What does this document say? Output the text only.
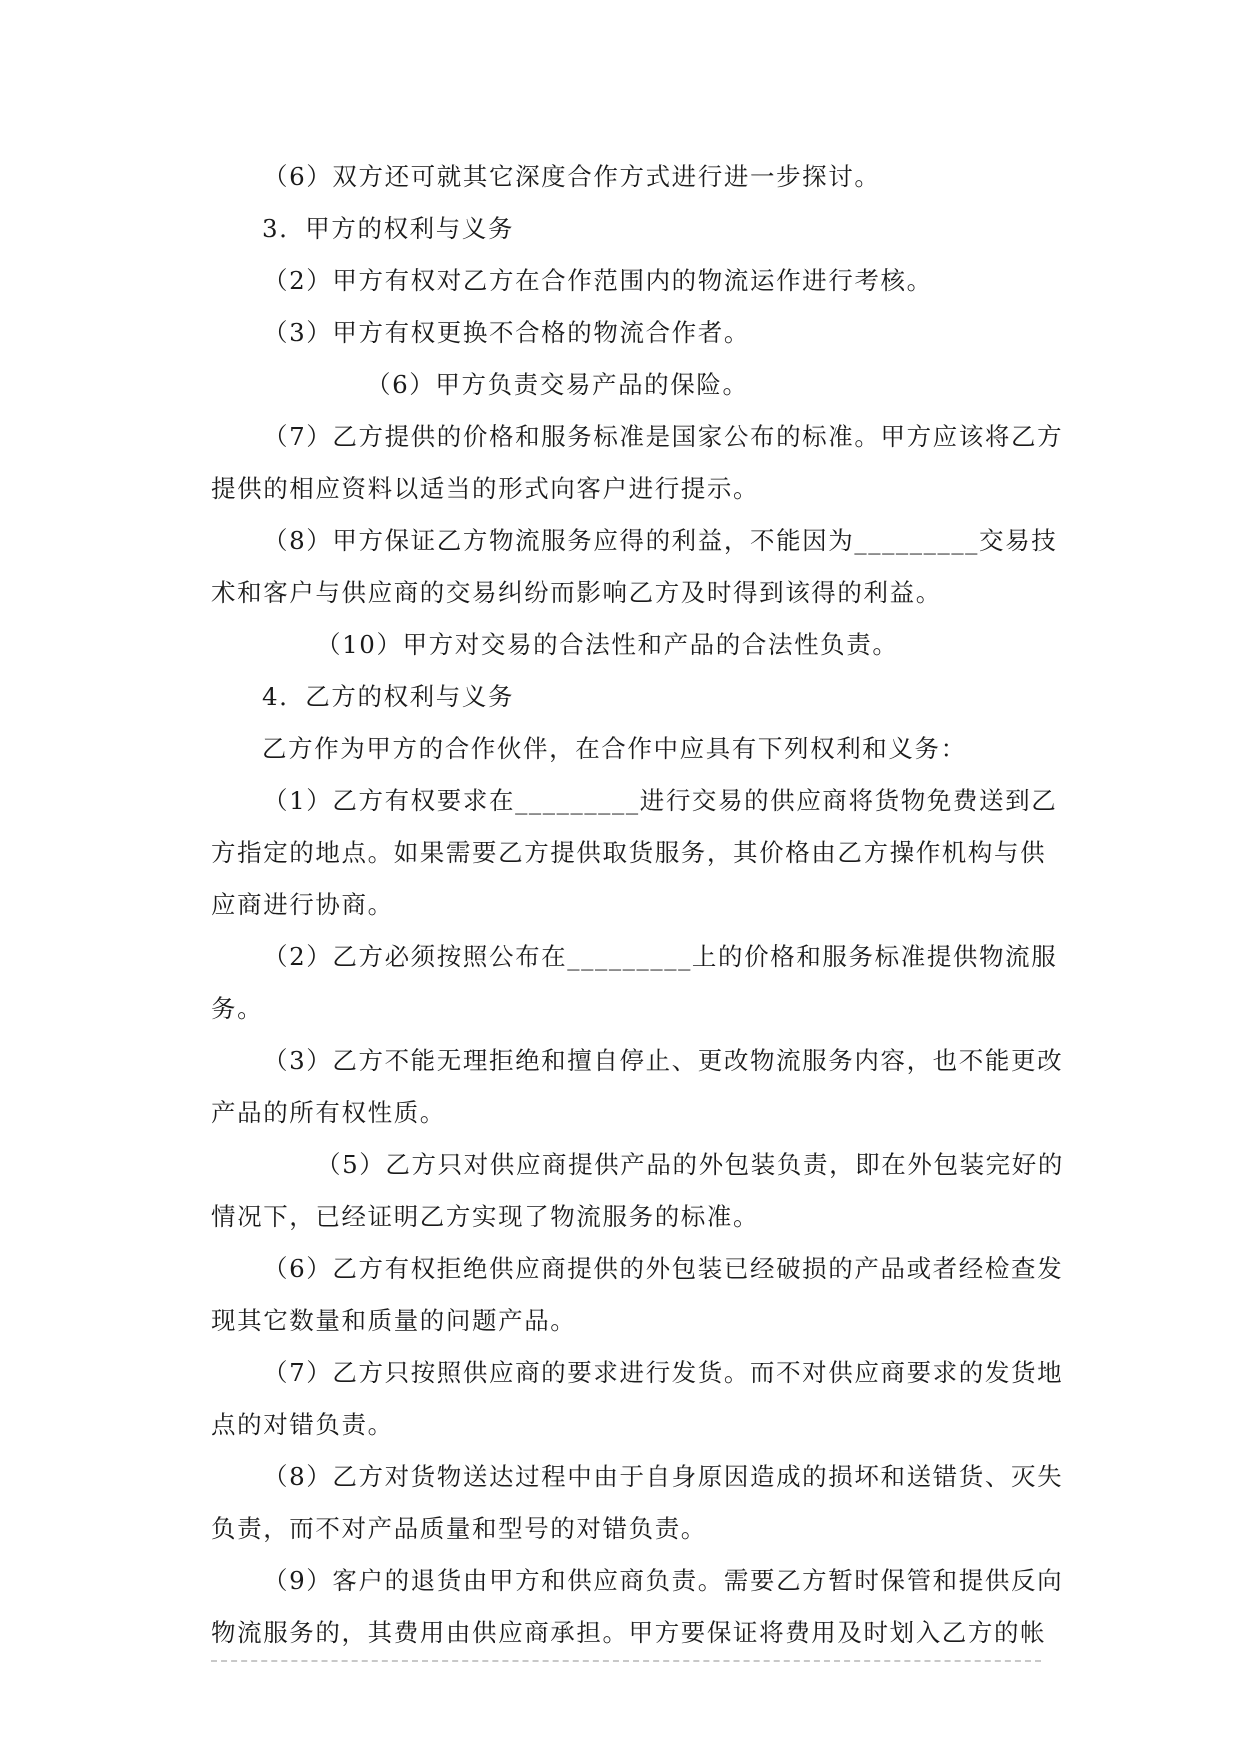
（6）双方还可就其它深度合作方式进行进一步探讨。
3．甲方的权利与义务
（2）甲方有权对乙方在合作范围内的物流运作进行考核。
（3）甲方有权更换不合格的物流合作者。
（6）甲方负责交易产品的保险。
（7）乙方提供的价格和服务标准是国家公布的标准。甲方应该将乙方
提供的相应资料以适当的形式向客户进行提示。
（8）甲方保证乙方物流服务应得的利益，不能因为_________交易技
术和客户与供应商的交易纠纷而影响乙方及时得到该得的利益。
（10）甲方对交易的合法性和产品的合法性负责。
4．乙方的权利与义务
乙方作为甲方的合作伙伴，在合作中应具有下列权利和义务：
（1）乙方有权要求在_________进行交易的供应商将货物免费送到乙
方指定的地点。如果需要乙方提供取货服务，其价格由乙方操作机构与供
应商进行协商。
（2）乙方必须按照公布在_________上的价格和服务标准提供物流服
务。
（3）乙方不能无理拒绝和擅自停止、更改物流服务内容，也不能更改
产品的所有权性质。
（5）乙方只对供应商提供产品的外包装负责，即在外包装完好的
情况下，已经证明乙方实现了物流服务的标准。
（6）乙方有权拒绝供应商提供的外包装已经破损的产品或者经检查发
现其它数量和质量的问题产品。
（7）乙方只按照供应商的要求进行发货。而不对供应商要求的发货地
点的对错负责。
（8）乙方对货物送达过程中由于自身原因造成的损坏和送错货、灭失
负责，而不对产品质量和型号的对错负责。
（9）客户的退货由甲方和供应商负责。需要乙方暂时保管和提供反向
物流服务的，其费用由供应商承担。甲方要保证将费用及时划入乙方的帐
